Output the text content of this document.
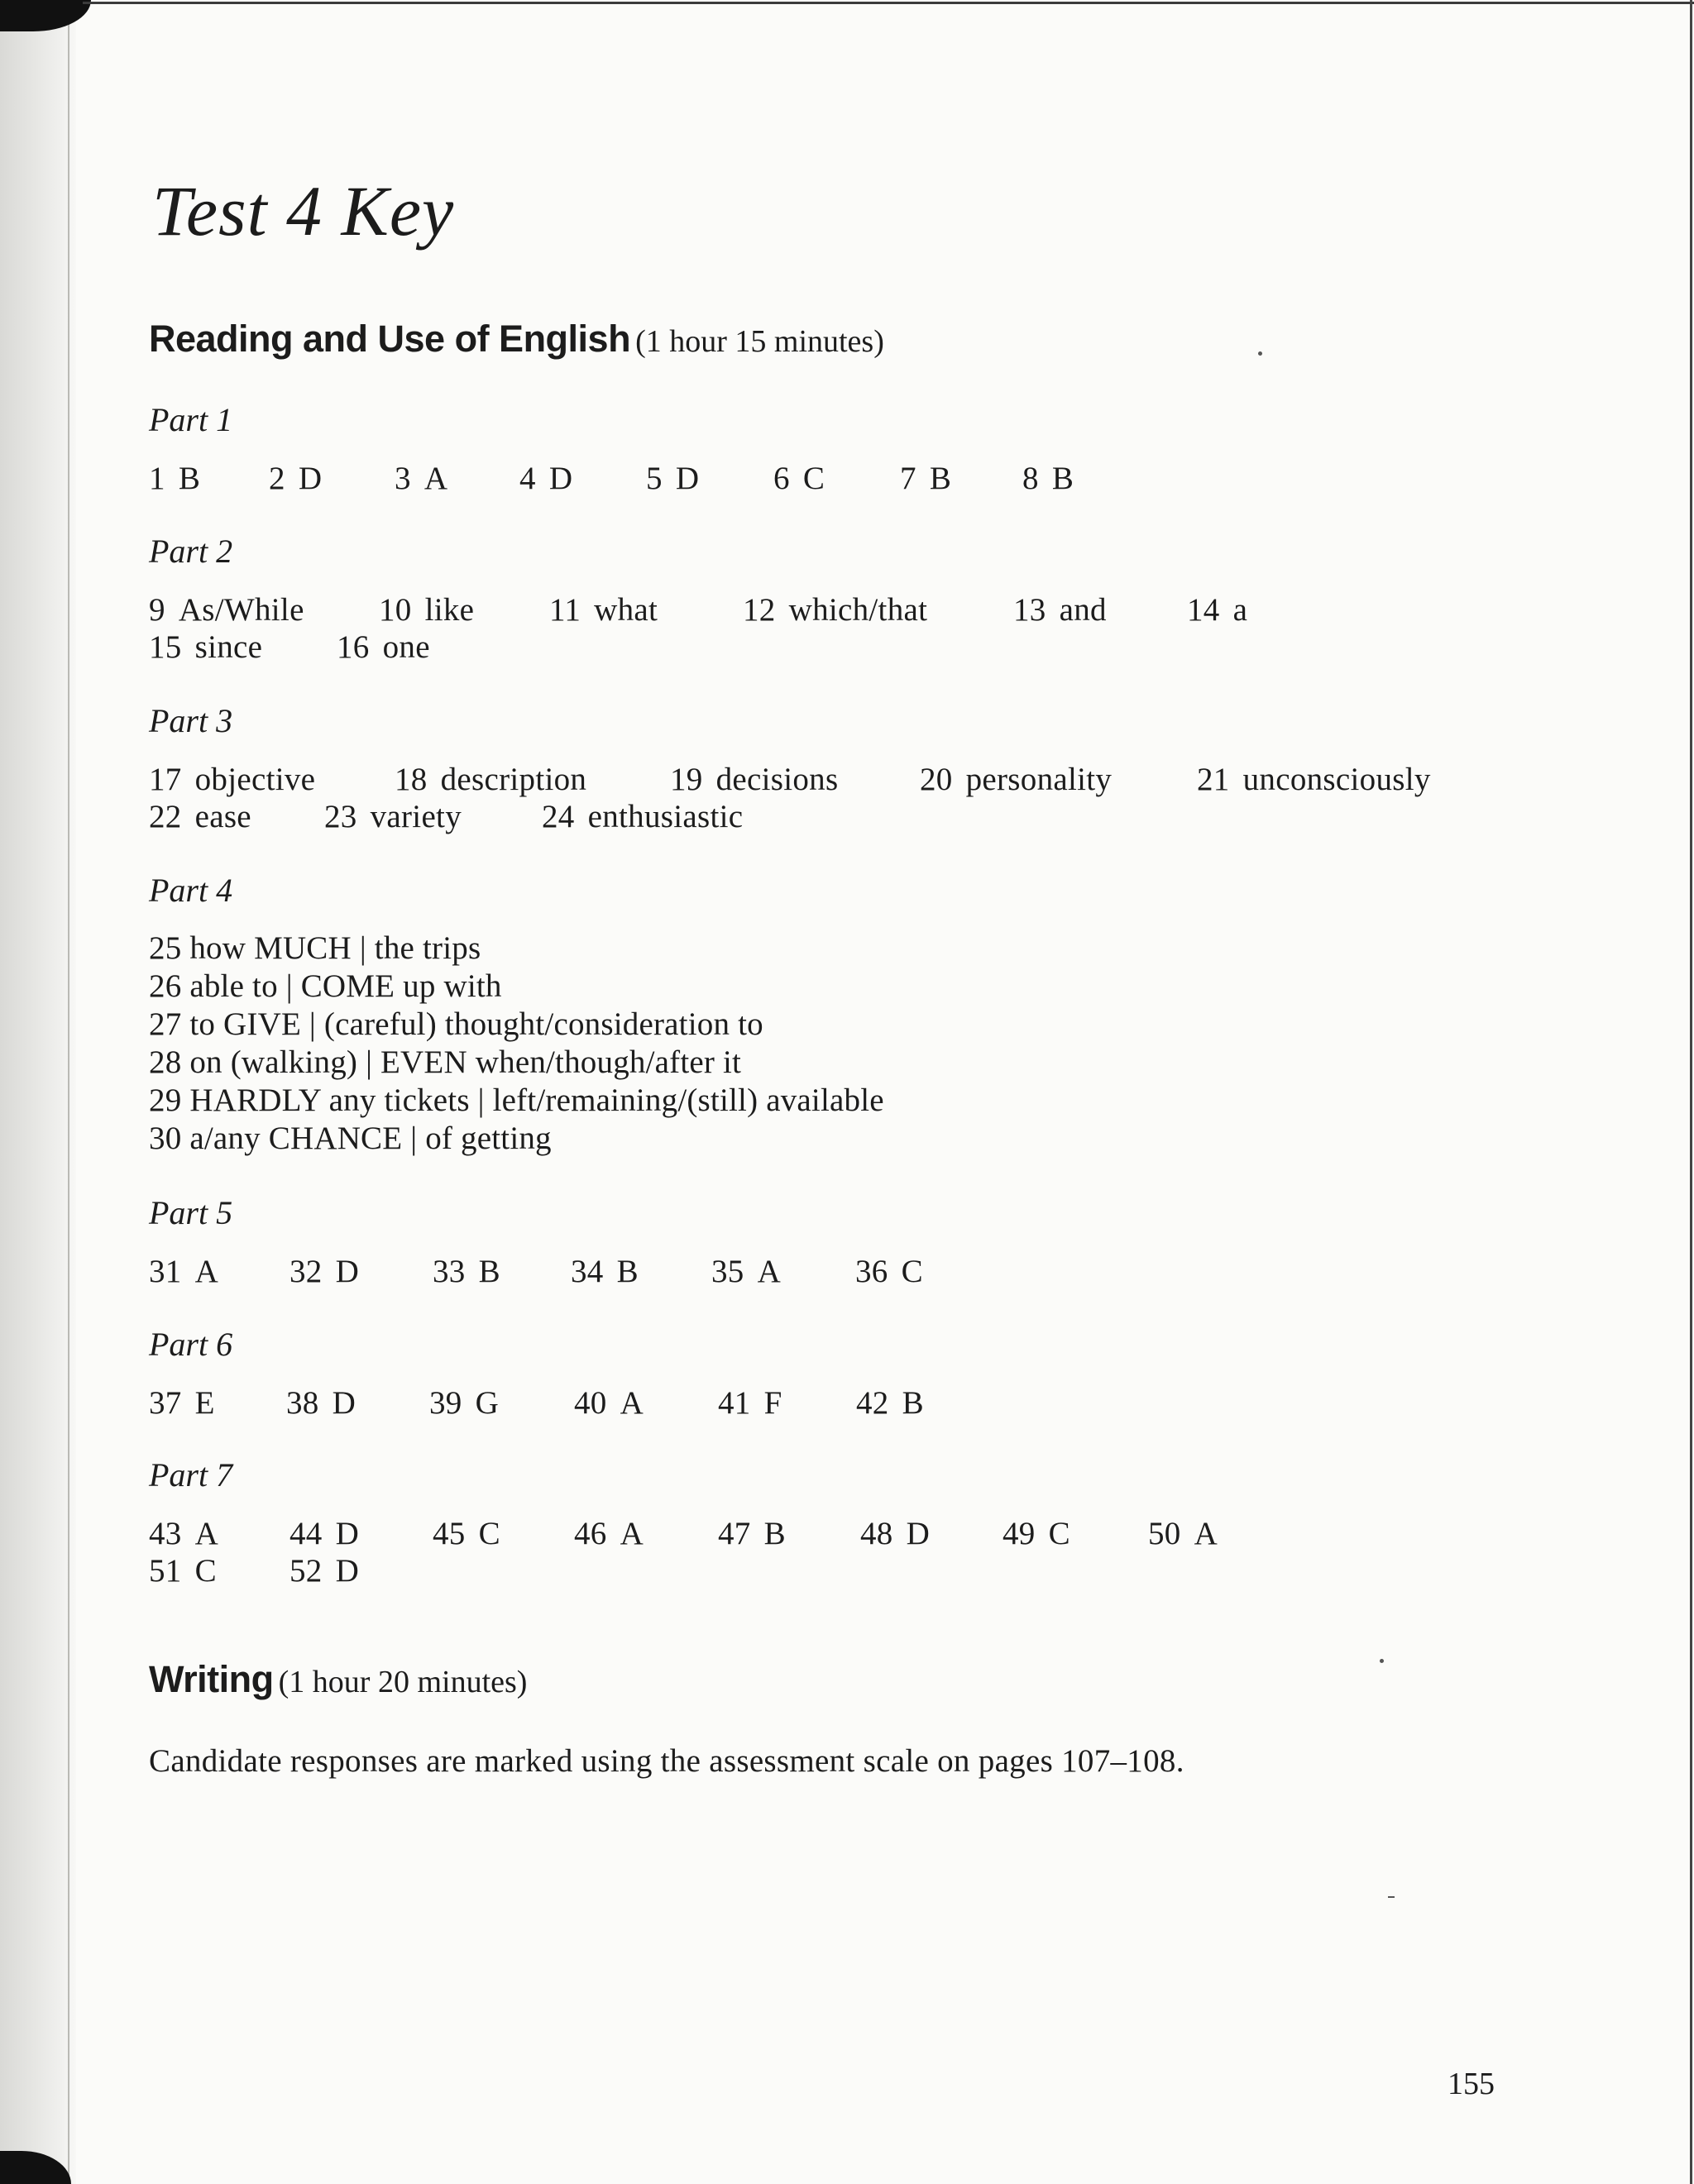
Test 4 Key
Reading and Use of English (1 hour 15 minutes)
Part 1
1 B 2 D 3 A 4 D 5 D 6 C 7 B 8 B
Part 2
9 As/While 10 like 11 what	12 which/that	13 and 14 a
15 since 16 one
Part 3
17 objective 18 description	19 decisions	20 personality	21 unconsciously
22 ease 23 variety 24 enthusiastic
Part 4
25 how MUCH | the trips
26 able to | COME up with
27 to GIVE | (careful) thought/consideration to
28 on (walking) | EVEN when/though/after it
29 HARDLY any tickets | left/remaining/(still) available
30 a/any CHANCE | of getting
Part 5
31 A 32 D 33 B 34 B 35 A 36 C
Part 6
37 E 38 D 39 G 40 A 41 F 42 B
Part 7
43 A 44 D 45 C 46 A 47 B 48 D 49 C 50 A
51 C 52 D
Writing (1 hour 20 minutes)
Candidate responses are marked using the assessment scale on pages 107–108.
155
